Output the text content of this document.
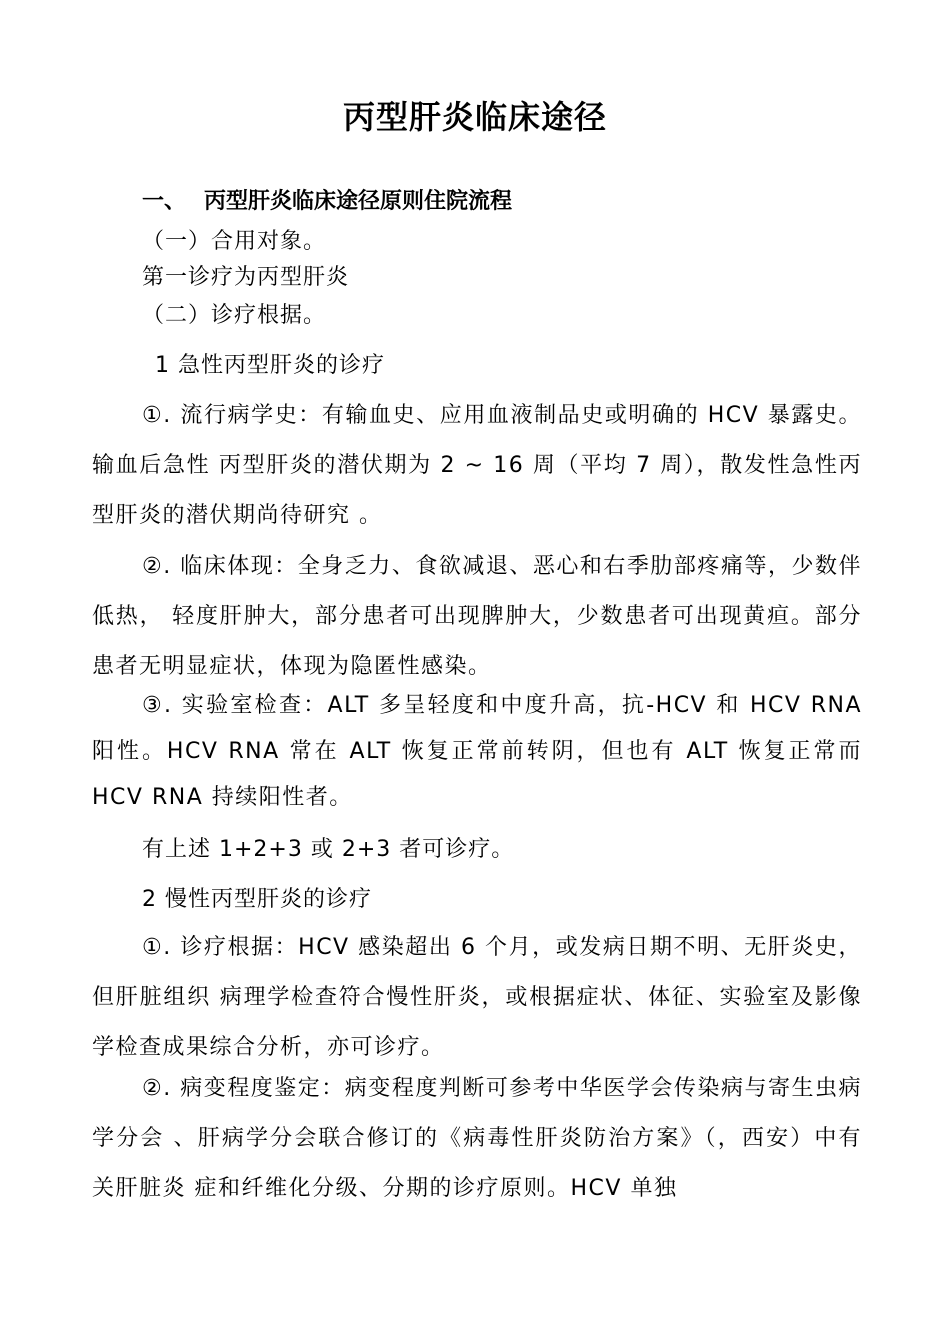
丙型肝炎临床途径
一、 丙型肝炎临床途径原则住院流程
（一）合用对象。
第一诊疗为丙型肝炎
（二）诊疗根据。
1 急性丙型肝炎的诊疗
①. 流行病学史：有输血史、应用血液制品史或明确的 HCV 暴露史。输血后急性 丙型肝炎的潜伏期为 2 ~ 16 周（平均 7 周），散发性急性丙型肝炎的潜伏期尚待研究 。
②. 临床体现：全身乏力、食欲减退、恶心和右季肋部疼痛等，少数伴低热， 轻度肝肿大，部分患者可出现脾肿大，少数患者可出现黄疸。部分患者无明显症状，体现为隐匿性感染。
③. 实验室检查：ALT 多呈轻度和中度升高，抗-HCV 和 HCV RNA 阳性。HCV RNA 常在 ALT 恢复正常前转阴，但也有 ALT 恢复正常而 HCV RNA 持续阳性者。
有上述 1+2+3 或 2+3 者可诊疗。
2 慢性丙型肝炎的诊疗
①. 诊疗根据：HCV 感染超出 6 个月，或发病日期不明、无肝炎史，但肝脏组织 病理学检查符合慢性肝炎，或根据症状、体征、实验室及影像学检查成果综合分析，亦可诊疗。
②. 病变程度鉴定：病变程度判断可参考中华医学会传染病与寄生虫病学分会 、肝病学分会联合修订的《病毒性肝炎防治方案》（，西安）中有关肝脏炎 症和纤维化分级、分期的诊疗原则。HCV 单独
